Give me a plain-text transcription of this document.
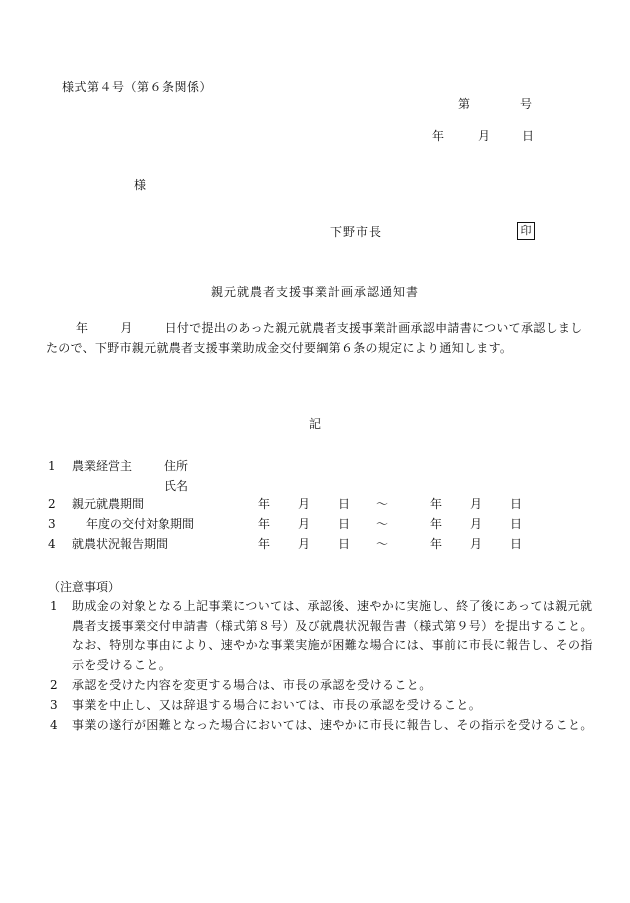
様式第４号（第６条関係）
第	号
年	月	日
様
下野市長	印
親元就農者支援事業計画承認通知書
年	月	日付で提出のあった親元就農者支援事業計画承認申請書について承認しましたので、下野市親元就農者支援事業助成金交付要綱第６条の規定により通知します。
記
1 農業経営主	住所
氏名
2 親元就農期間	年 月 日 ～	年 月 日
3	年度の交付対象期間	年 月 日 ～	年 月 日
4 就農状況報告期間	年 月 日 ～	年 月 日
（注意事項）
1	助成金の対象となる上記事業については、承認後、速やかに実施し、終了後にあっては親元就農者支援事業交付申請書（様式第８号）及び就農状況報告書（様式第９号）を提出すること。なお、特別な事由により、速やかな事業実施が困難な場合には、事前に市長に報告し、その指示を受けること。
2	承認を受けた内容を変更する場合は、市長の承認を受けること。
3	事業を中止し、又は辞退する場合においては、市長の承認を受けること。
4	事業の遂行が困難となった場合においては、速やかに市長に報告し、その指示を受けること。
